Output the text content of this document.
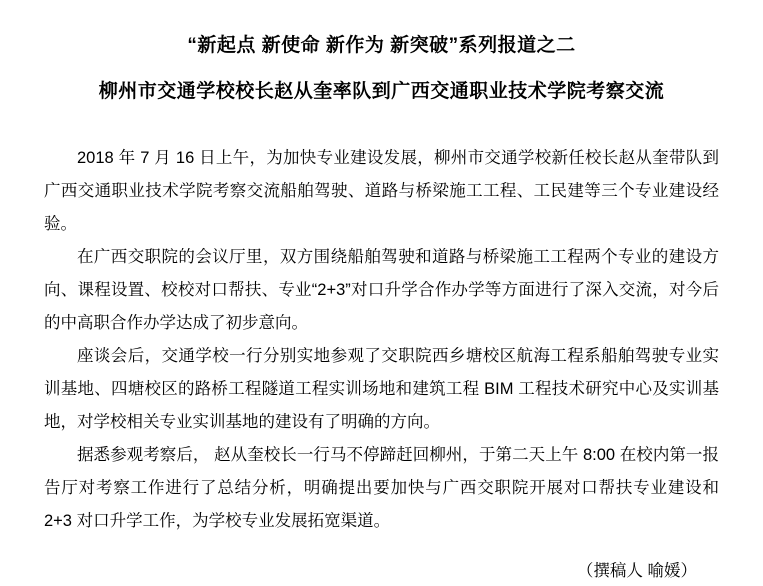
“新起点 新使命 新作为 新突破”系列报道之二
柳州市交通学校校长赵从奎率队到广西交通职业技术学院考察交流

2018 年 7 月 16 日上午，为加快专业建设发展，柳州市交通学校新任校长赵从奎带队到广西交通职业技术学院考察交流船舶驾驶、道路与桥梁施工工程、工民建等三个专业建设经验。

在广西交职院的会议厅里，双方围绕船舶驾驶和道路与桥梁施工工程两个专业的建设方向、课程设置、校校对口帮扶、专业“2+3”对口升学合作办学等方面进行了深入交流，对今后的中高职合作办学达成了初步意向。

座谈会后，交通学校一行分别实地参观了交职院西乡塘校区航海工程系船舶驾驶专业实训基地、四塘校区的路桥工程隧道工程实训场地和建筑工程 BIM 工程技术研究中心及实训基地，对学校相关专业实训基地的建设有了明确的方向。

据悉参观考察后， 赵从奎校长一行马不停蹄赶回柳州，于第二天上午 8:00 在校内第一报告厅对考察工作进行了总结分析，明确提出要加快与广西交职院开展对口帮扶专业建设和 2+3 对口升学工作，为学校专业发展拓宽渠道。

（撰稿人 喻媛）
